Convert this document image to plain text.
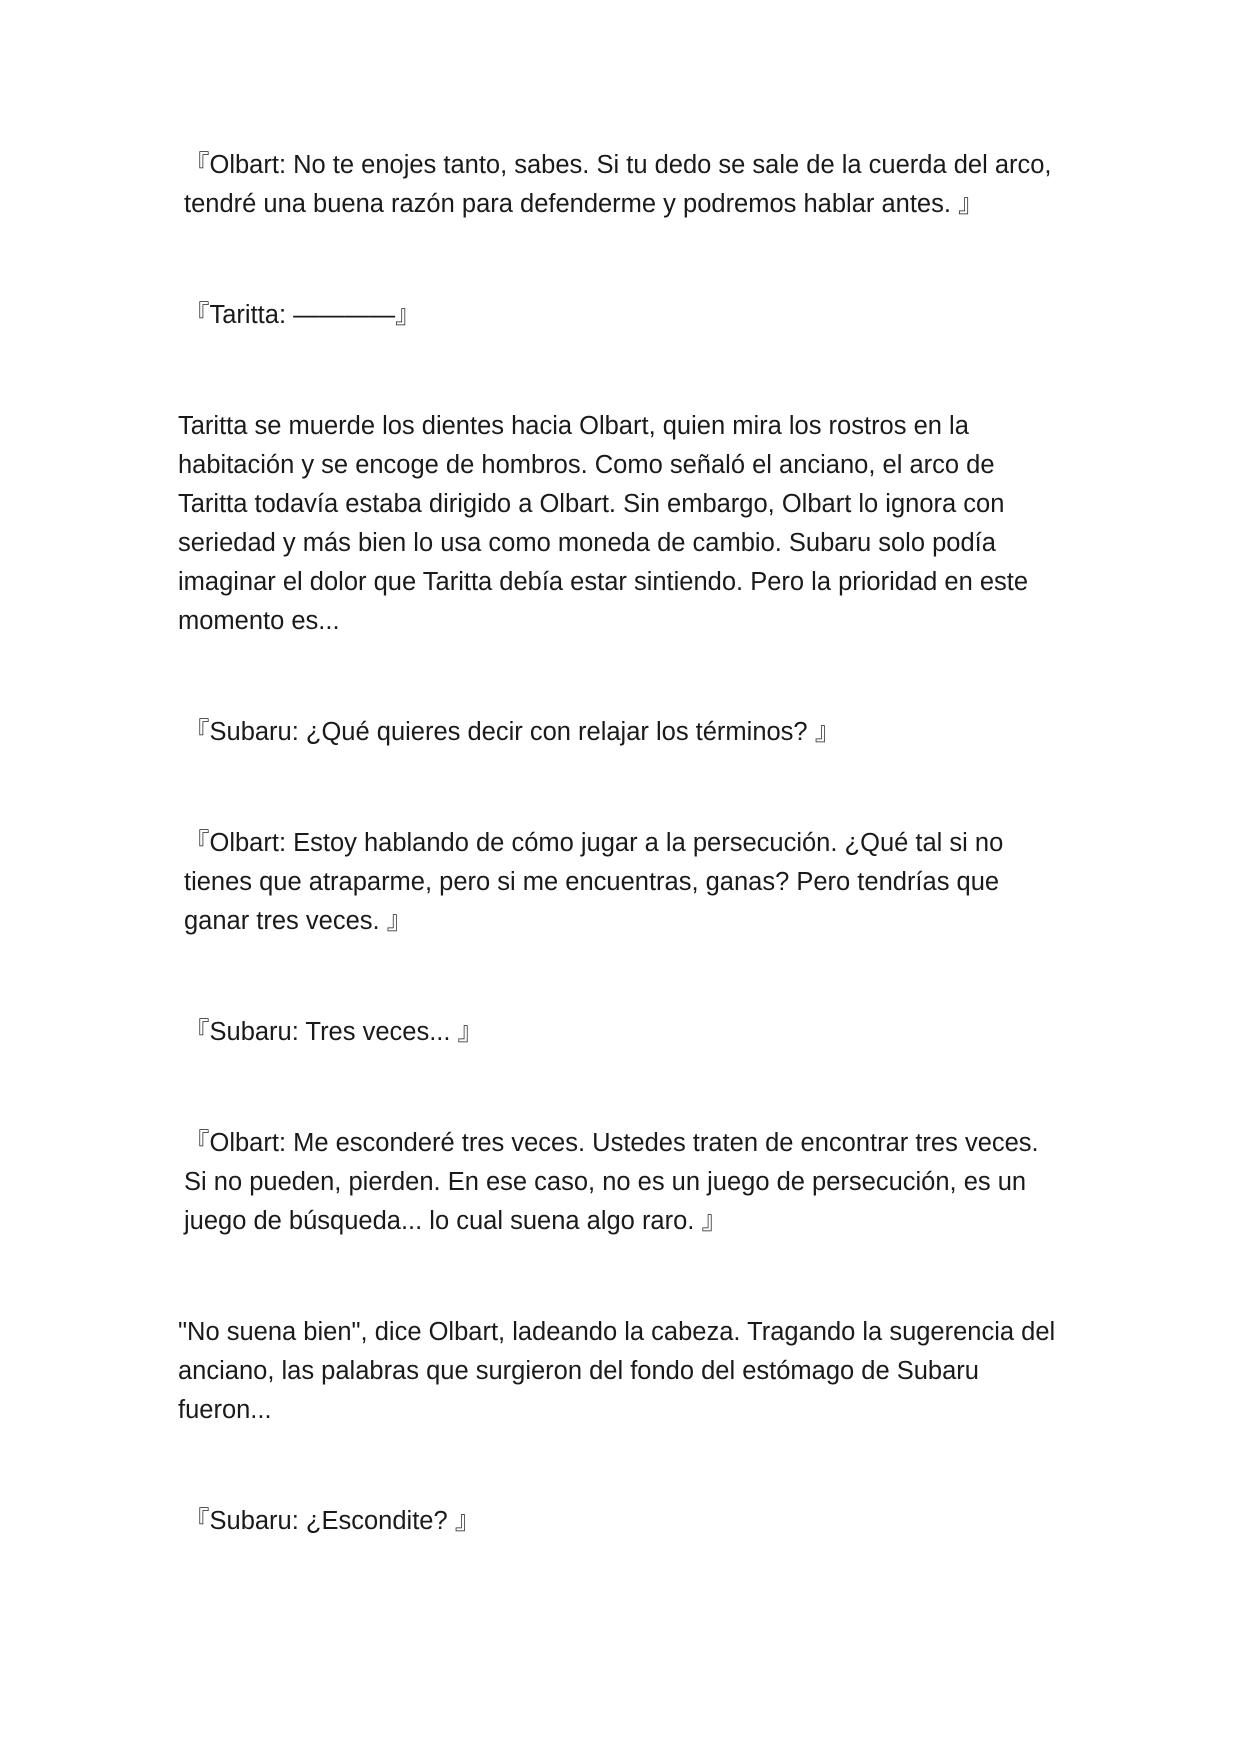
『Olbart: No te enojes tanto, sabes. Si tu dedo se sale de la cuerda del arco, tendré una buena razón para defenderme y podremos hablar antes. 』

『Taritta: ————』

Taritta se muerde los dientes hacia Olbart, quien mira los rostros en la habitación y se encoge de hombros. Como señaló el anciano, el arco de Taritta todavía estaba dirigido a Olbart. Sin embargo, Olbart lo ignora con seriedad y más bien lo usa como moneda de cambio. Subaru solo podía imaginar el dolor que Taritta debía estar sintiendo. Pero la prioridad en este momento es...

『Subaru: ¿Qué quieres decir con relajar los términos? 』

『Olbart: Estoy hablando de cómo jugar a la persecución. ¿Qué tal si no tienes que atraparme, pero si me encuentras, ganas? Pero tendrías que ganar tres veces. 』

『Subaru: Tres veces... 』

『Olbart: Me esconderé tres veces. Ustedes traten de encontrar tres veces. Si no pueden, pierden. En ese caso, no es un juego de persecución, es un juego de búsqueda... lo cual suena algo raro. 』

"No suena bien", dice Olbart, ladeando la cabeza. Tragando la sugerencia del anciano, las palabras que surgieron del fondo del estómago de Subaru fueron...

『Subaru: ¿Escondite? 』
